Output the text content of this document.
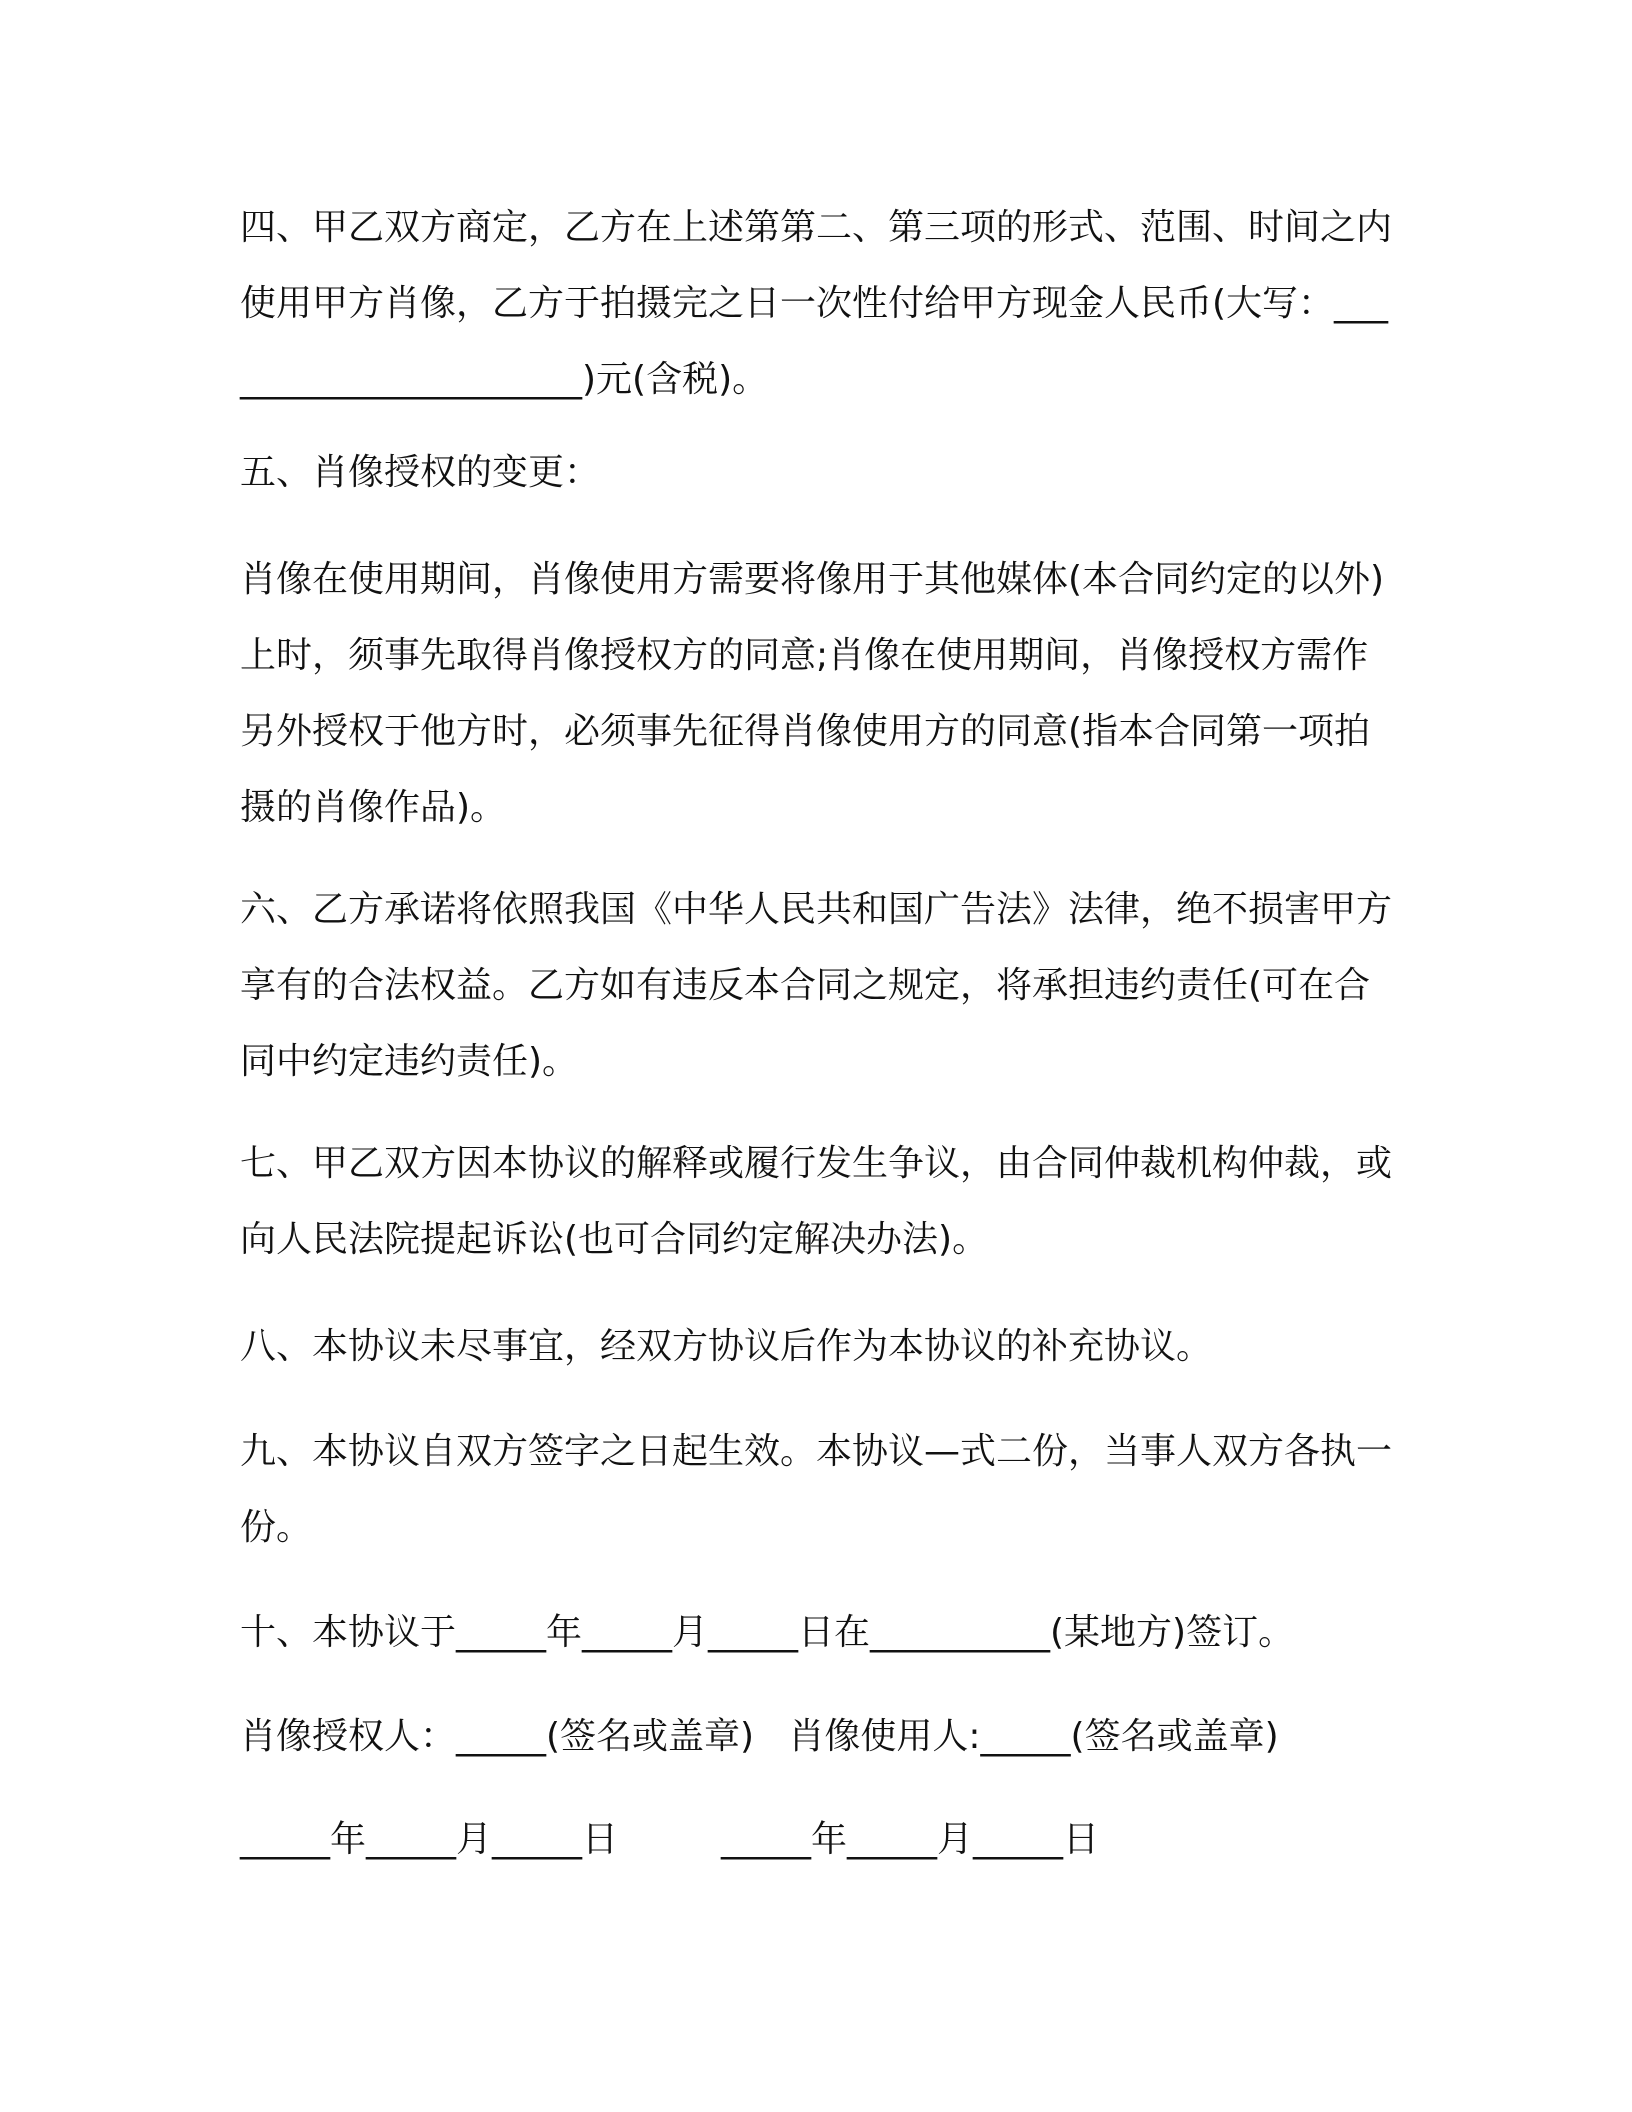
四、甲乙双方商定，乙方在上述第第二、第三项的形式、范围、时间之内使用甲方肖像，乙方于拍摄完之日一次性付给甲方现金人民币(大写：______________________)元(含税)。
五、肖像授权的变更：
肖像在使用期间，肖像使用方需要将像用于其他媒体(本合同约定的以外)上时，须事先取得肖像授权方的同意;肖像在使用期间，肖像授权方需作另外授权于他方时，必须事先征得肖像使用方的同意(指本合同第一项拍摄的肖像作品)。
六、乙方承诺将依照我国《中华人民共和国广告法》法律，绝不损害甲方享有的合法权益。乙方如有违反本合同之规定，将承担违约责任(可在合同中约定违约责任)。
七、甲乙双方因本协议的解释或履行发生争议，由合同仲裁机构仲裁，或向人民法院提起诉讼(也可合同约定解决办法)。
八、本协议未尽事宜，经双方协议后作为本协议的补充协议。
九、本协议自双方签字之日起生效。本协议—式二份，当事人双方各执一份。
十、本协议于_____年_____月_____日在__________(某地方)签订。
肖像授权人：_____(签名或盖章)   肖像使用人:_____(签名或盖章)
_____年_____月_____日         _____年_____月_____日
